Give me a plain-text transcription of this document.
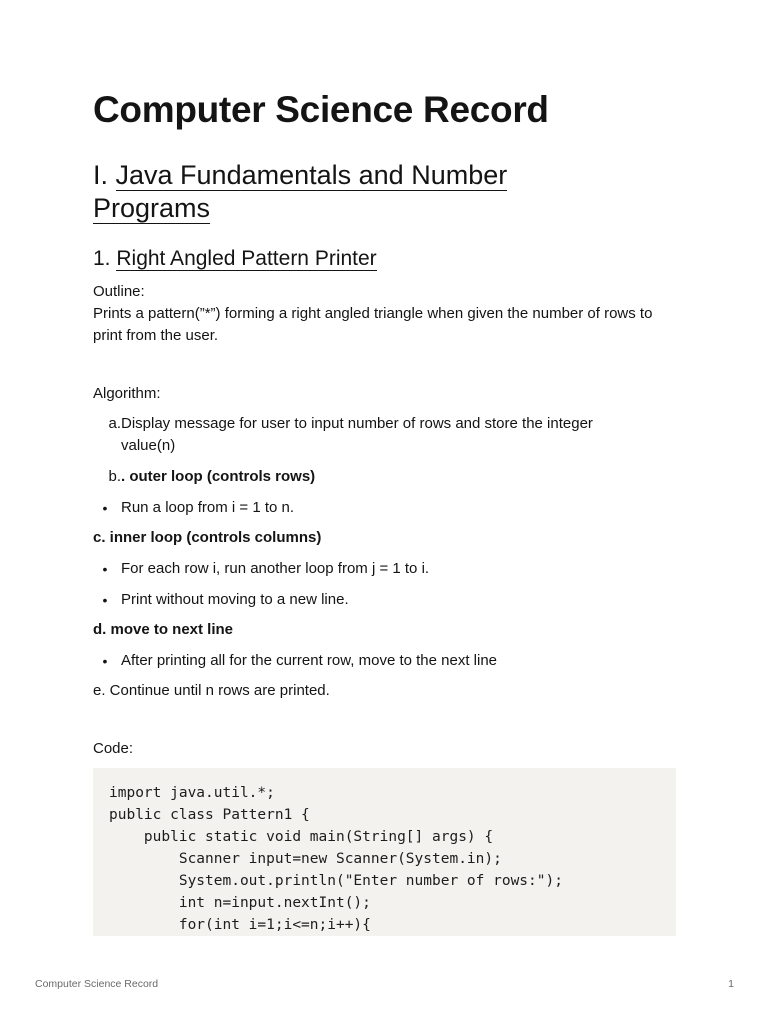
Computer Science Record
I. Java Fundamentals and Number Programs
1. Right Angled Pattern Printer
Outline:
Prints a pattern(”*”) forming a right angled triangle when given the number of rows to print from the user.
Algorithm:
a. Display message for user to input number of rows and store the integer value(n)
b. . outer loop (controls rows)
• Run a loop from i = 1 to n.
c. inner loop (controls columns)
• For each row i, run another loop from j = 1 to i.
• Print without moving to a new line.
d. move to next line
• After printing all for the current row, move to the next line
e. Continue until n rows are printed.
Code:
import java.util.*;
public class Pattern1 {
public static void main(String[] args) {
Scanner input=new Scanner(System.in);
System.out.println("Enter number of rows:");
int n=input.nextInt();
for(int i=1;i<=n;i++){
Computer Science Record	1
